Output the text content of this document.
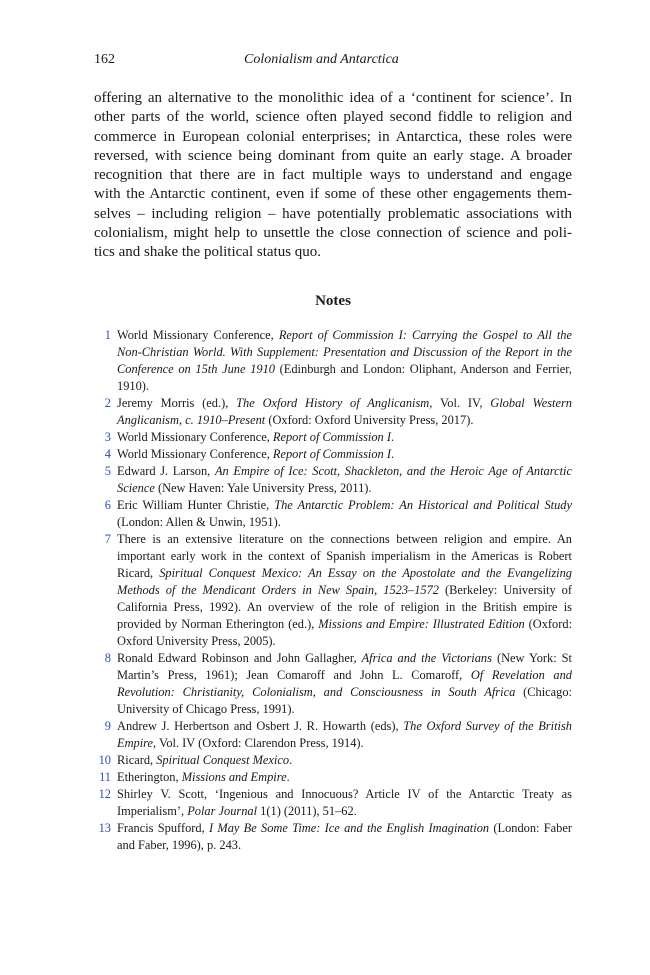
162	Colonialism and Antarctica
offering an alternative to the monolithic idea of a ‘continent for science’. In
other parts of the world, science often played second fiddle to religion and
commerce in European colonial enterprises; in Antarctica, these roles were
reversed, with science being dominant from quite an early stage. A broader
recognition that there are in fact multiple ways to understand and engage
with the Antarctic continent, even if some of these other engagements them-
selves – including religion – have potentially problematic associations with
colonialism, might help to unsettle the close connection of science and poli-
tics and shake the political status quo.
Notes
1 World Missionary Conference, Report of Commission I: Carrying the Gospel to All the Non-Christian World. With Supplement: Presentation and Discussion of the Report in the Conference on 15th June 1910 (Edinburgh and London: Oliphant, Anderson and Ferrier, 1910).
2 Jeremy Morris (ed.), The Oxford History of Anglicanism, Vol. IV, Global Western Anglicanism, c. 1910–Present (Oxford: Oxford University Press, 2017).
3 World Missionary Conference, Report of Commission I.
4 World Missionary Conference, Report of Commission I.
5 Edward J. Larson, An Empire of Ice: Scott, Shackleton, and the Heroic Age of Antarctic Science (New Haven: Yale University Press, 2011).
6 Eric William Hunter Christie, The Antarctic Problem: An Historical and Political Study (London: Allen & Unwin, 1951).
7 There is an extensive literature on the connections between religion and empire. An important early work in the context of Spanish imperialism in the Americas is Robert Ricard, Spiritual Conquest Mexico: An Essay on the Apostolate and the Evangelizing Methods of the Mendicant Orders in New Spain, 1523–1572 (Berkeley: University of California Press, 1992). An overview of the role of religion in the British empire is provided by Norman Etherington (ed.), Missions and Empire: Illustrated Edition (Oxford: Oxford University Press, 2005).
8 Ronald Edward Robinson and John Gallagher, Africa and the Victorians (New York: St Martin’s Press, 1961); Jean Comaroff and John L. Comaroff, Of Revelation and Revolution: Christianity, Colonialism, and Consciousness in South Africa (Chicago: University of Chicago Press, 1991).
9 Andrew J. Herbertson and Osbert J. R. Howarth (eds), The Oxford Survey of the British Empire, Vol. IV (Oxford: Clarendon Press, 1914).
10 Ricard, Spiritual Conquest Mexico.
11 Etherington, Missions and Empire.
12 Shirley V. Scott, ‘Ingenious and Innocuous? Article IV of the Antarctic Treaty as Imperialism’, Polar Journal 1(1) (2011), 51–62.
13 Francis Spufford, I May Be Some Time: Ice and the English Imagination (London: Faber and Faber, 1996), p. 243.
